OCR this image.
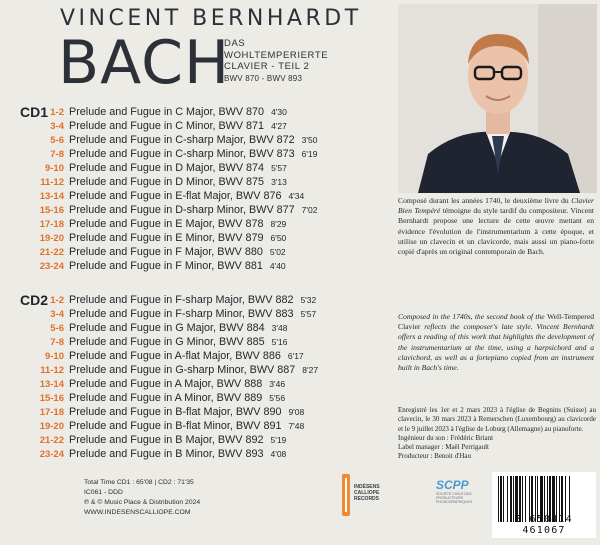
VINCENT BERNHARDT
BACH
DAS
WOHLTEMPERIERTE
CLAVIER - TEIL 2
BWV 870 - BWV 893
CD1 1-2 Prelude and Fugue in C Major, BWV 870 4'30
3-4 Prelude and Fugue in C Minor, BWV 871 4'27
5-6 Prelude and Fugue in C-sharp Major, BWV 872 3'50
7-8 Prelude and Fugue in C-sharp Minor, BWV 873 6'19
9-10 Prelude and Fugue in D Major, BWV 874 5'57
11-12 Prelude and Fugue in D Minor, BWV 875 3'13
13-14 Prelude and Fugue in E-flat Major, BWV 876 4'34
15-16 Prelude and Fugue in D-sharp Minor, BWV 877 7'02
17-18 Prelude and Fugue in E Major, BWV 878 8'29
19-20 Prelude and Fugue in E Minor, BWV 879 6'50
21-22 Prelude and Fugue in F Major, BWV 880 5'02
23-24 Prelude and Fugue in F Minor, BWV 881 4'40
CD2 1-2 Prelude and Fugue in F-sharp Major, BWV 882 5'32
3-4 Prelude and Fugue in F-sharp Minor, BWV 883 5'57
5-6 Prelude and Fugue in G Major, BWV 884 3'48
7-8 Prelude and Fugue in G Minor, BWV 885 5'16
9-10 Prelude and Fugue in A-flat Major, BWV 886 6'17
11-12 Prelude and Fugue in G-sharp Minor, BWV 887 8'27
13-14 Prelude and Fugue in A Major, BWV 888 3'46
15-16 Prelude and Fugue in A Minor, BWV 889 5'56
17-18 Prelude and Fugue in B-flat Major, BWV 890 9'08
19-20 Prelude and Fugue in B-flat Minor, BWV 891 7'48
21-22 Prelude and Fugue in B Major, BWV 892 5'19
23-24 Prelude and Fugue in B Minor, BWV 893 4'08
Composé durant les années 1740, le deuxième livre du Clavier Bien Tempéré témoigne du style tardif du compositeur. Vincent Bernhardt propose une lecture de cette œuvre mettant en évidence l'évolution de l'instrumentarium à cette époque, et utilise un clavecin et un clavicorde, mais aussi un piano-forte copié d'après un original contemporain de Bach.
Composed in the 1740s, the second book of the Well-Tempered Clavier reflects the composer's late style. Vincent Bernhardt offers a reading of this work that highlights the development of the instrumentarium at the time, using a harpsichord and a clavichord, as well as a fortepiano copied from an instrument built in Bach's time.

Enregistré les 1er et 2 mars 2023 à l'église de Begnins (Suisse) au clavecin, le 30 mars 2023 à Remerschen (Luxembourg) au clavicorde et le 9 juillet 2023 à l'église de Loburg (Allemagne) au pianoforte.

Ingénieur du son : Frédéric Briant

Label manager : Maël Perrigault

Producteur : Benoit d'Hau

Total Time CD1 : 65'08 | CD2 : 71'35
IC061 - DDD
℗ & © Music Place & Distribution 2024
WWW.INDESENSCALLIOPE.COM
INDÉSENS
CALLIOPE
RECORDS
SCPP
SOCIÉTÉ CIVILE DES PRODUCTEURS PHONOGRAPHIQUES
3 650414 461067
